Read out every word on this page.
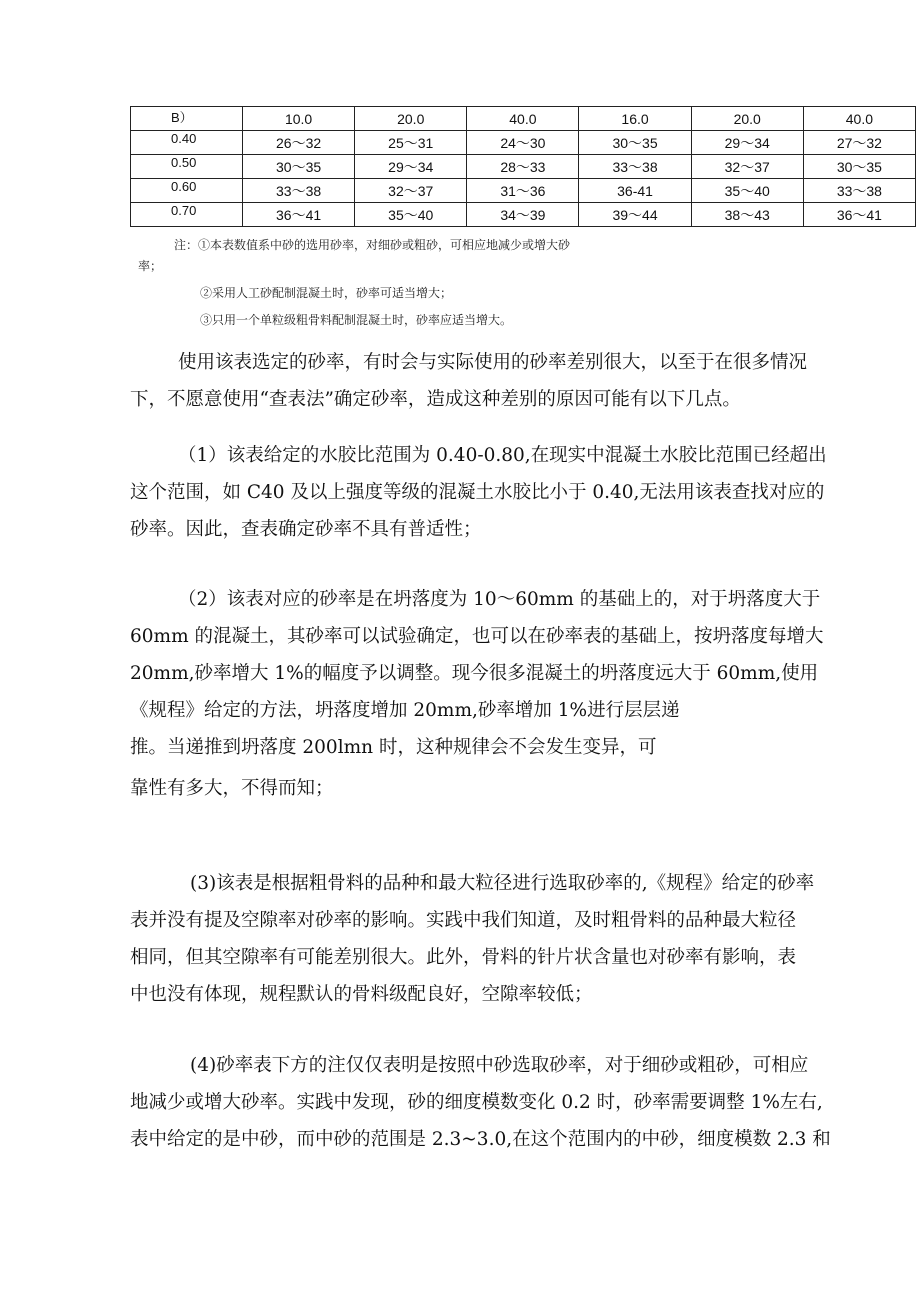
B）	10.0	20.0	40.0	16.0	20.0	40.0
0.40	26～32	25～31	24～30	30～35	29～34	27～32
0.50	30～35	29～34	28～33	33～38	32～37	30～35
0.60	33～38	32～37	31～36	36-41	35～40	33～38
0.70	36～41	35～40	34～39	39～44	38～43	36～41
注：①本表数值系中砂的选用砂率，对细砂或粗砂，可相应地减少或增大砂
率；
②采用人工砂配制混凝土时，砂率可适当增大；
③只用一个单粒级粗骨料配制混凝土时，砂率应适当增大。
使用该表选定的砂率，有时会与实际使用的砂率差别很大，以至于在很多情况
下，不愿意使用“查表法”确定砂率，造成这种差别的原因可能有以下几点。
（1）该表给定的水胶比范围为 0.40-0.80,在现实中混凝土水胶比范围已经超出
这个范围，如 C40 及以上强度等级的混凝土水胶比小于 0.40,无法用该表查找对应的
砂率。因此，查表确定砂率不具有普适性；
（2）该表对应的砂率是在坍落度为 10～60mm 的基础上的，对于坍落度大于
60mm 的混凝土，其砂率可以试验确定，也可以在砂率表的基础上，按坍落度每增大
20mm,砂率增大 1%的幅度予以调整。现今很多混凝土的坍落度远大于 60mm,使用
《规程》给定的方法，坍落度增加 20mm,砂率增加 1%进行层层递
推。当递推到坍落度 200lmn 时，这种规律会不会发生变异，可
靠性有多大，不得而知；
(3)该表是根据粗骨料的品种和最大粒径进行选取砂率的,《规程》给定的砂率
表并没有提及空隙率对砂率的影响。实践中我们知道，及时粗骨料的品种最大粒径
相同，但其空隙率有可能差别很大。此外，骨料的针片状含量也对砂率有影响，表
中也没有体现，规程默认的骨料级配良好，空隙率较低；
(4)砂率表下方的注仅仅表明是按照中砂选取砂率，对于细砂或粗砂，可相应
地减少或增大砂率。实践中发现，砂的细度模数变化 0.2 时，砂率需要调整 1%左右,
表中给定的是中砂，而中砂的范围是 2.3~3.0,在这个范围内的中砂，细度模数 2.3 和
